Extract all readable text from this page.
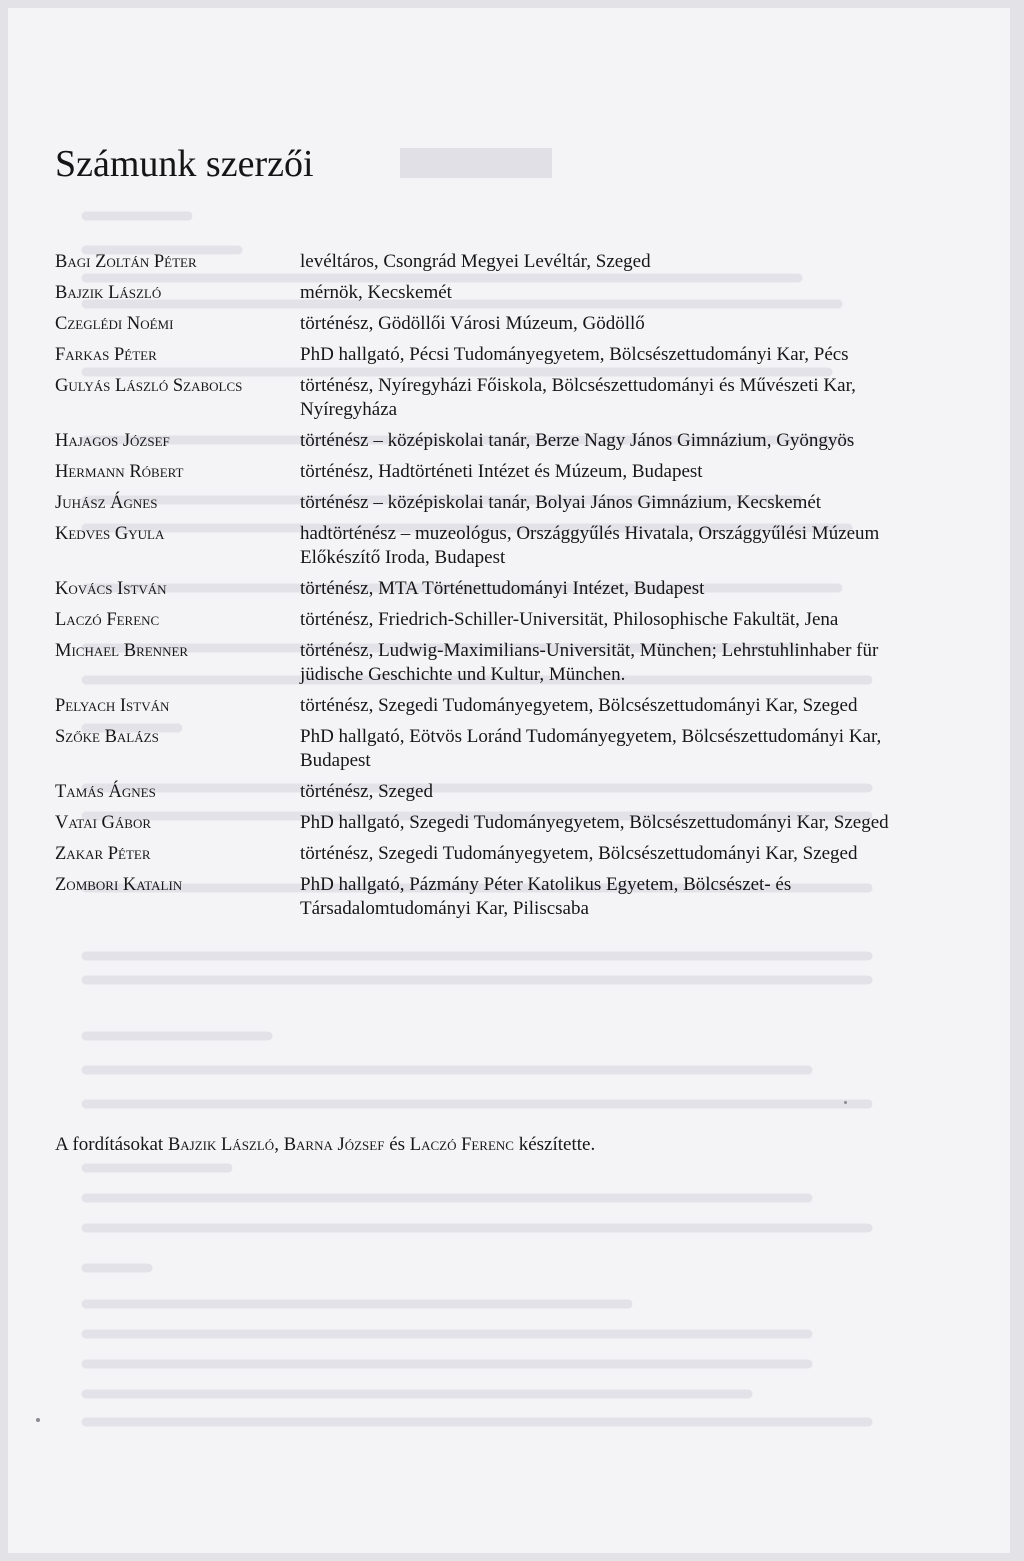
Számunk szerzői
Bagi Zoltán Péter	levéltáros, Csongrád Megyei Levéltár, Szeged
Bajzik László	mérnök, Kecskemét
Czeglédi Noémi	történész, Gödöllői Városi Múzeum, Gödöllő
Farkas Péter	PhD hallgató, Pécsi Tudományegyetem, Bölcsészettudományi Kar, Pécs
Gulyás László Szabolcs	történész, Nyíregyházi Főiskola, Bölcsészettudományi és Művészeti Kar, Nyíregyháza
Hajagos József	történész – középiskolai tanár, Berze Nagy János Gimnázium, Gyöngyös
Hermann Róbert	történész, Hadtörténeti Intézet és Múzeum, Budapest
Juhász Ágnes	történész – középiskolai tanár, Bolyai János Gimnázium, Kecskemét
Kedves Gyula	hadtörténész – muzeológus, Országgyűlés Hivatala, Országgyűlési Múzeum Előkészítő Iroda, Budapest
Kovács István	történész, MTA Történettudományi Intézet, Budapest
Laczó Ferenc	történész, Friedrich-Schiller-Universität, Philosophische Fakultät, Jena
Michael Brenner	történész, Ludwig-Maximilians-Universität, München; Lehrstuhlinhaber für jüdische Geschichte und Kultur, München.
Pelyach István	történész, Szegedi Tudományegyetem, Bölcsészettudományi Kar, Szeged
Szőke Balázs	PhD hallgató, Eötvös Loránd Tudományegyetem, Bölcsészettudományi Kar, Budapest
Tamás Ágnes	történész, Szeged
Vatai Gábor	PhD hallgató, Szegedi Tudományegyetem, Bölcsészettudományi Kar, Szeged
Zakar Péter	történész, Szegedi Tudományegyetem, Bölcsészettudományi Kar, Szeged
Zombori Katalin	PhD hallgató, Pázmány Péter Katolikus Egyetem, Bölcsészet- és Társadalomtudományi Kar, Piliscsaba
A fordításokat Bajzik László, Barna József és Laczó Ferenc készítette.
